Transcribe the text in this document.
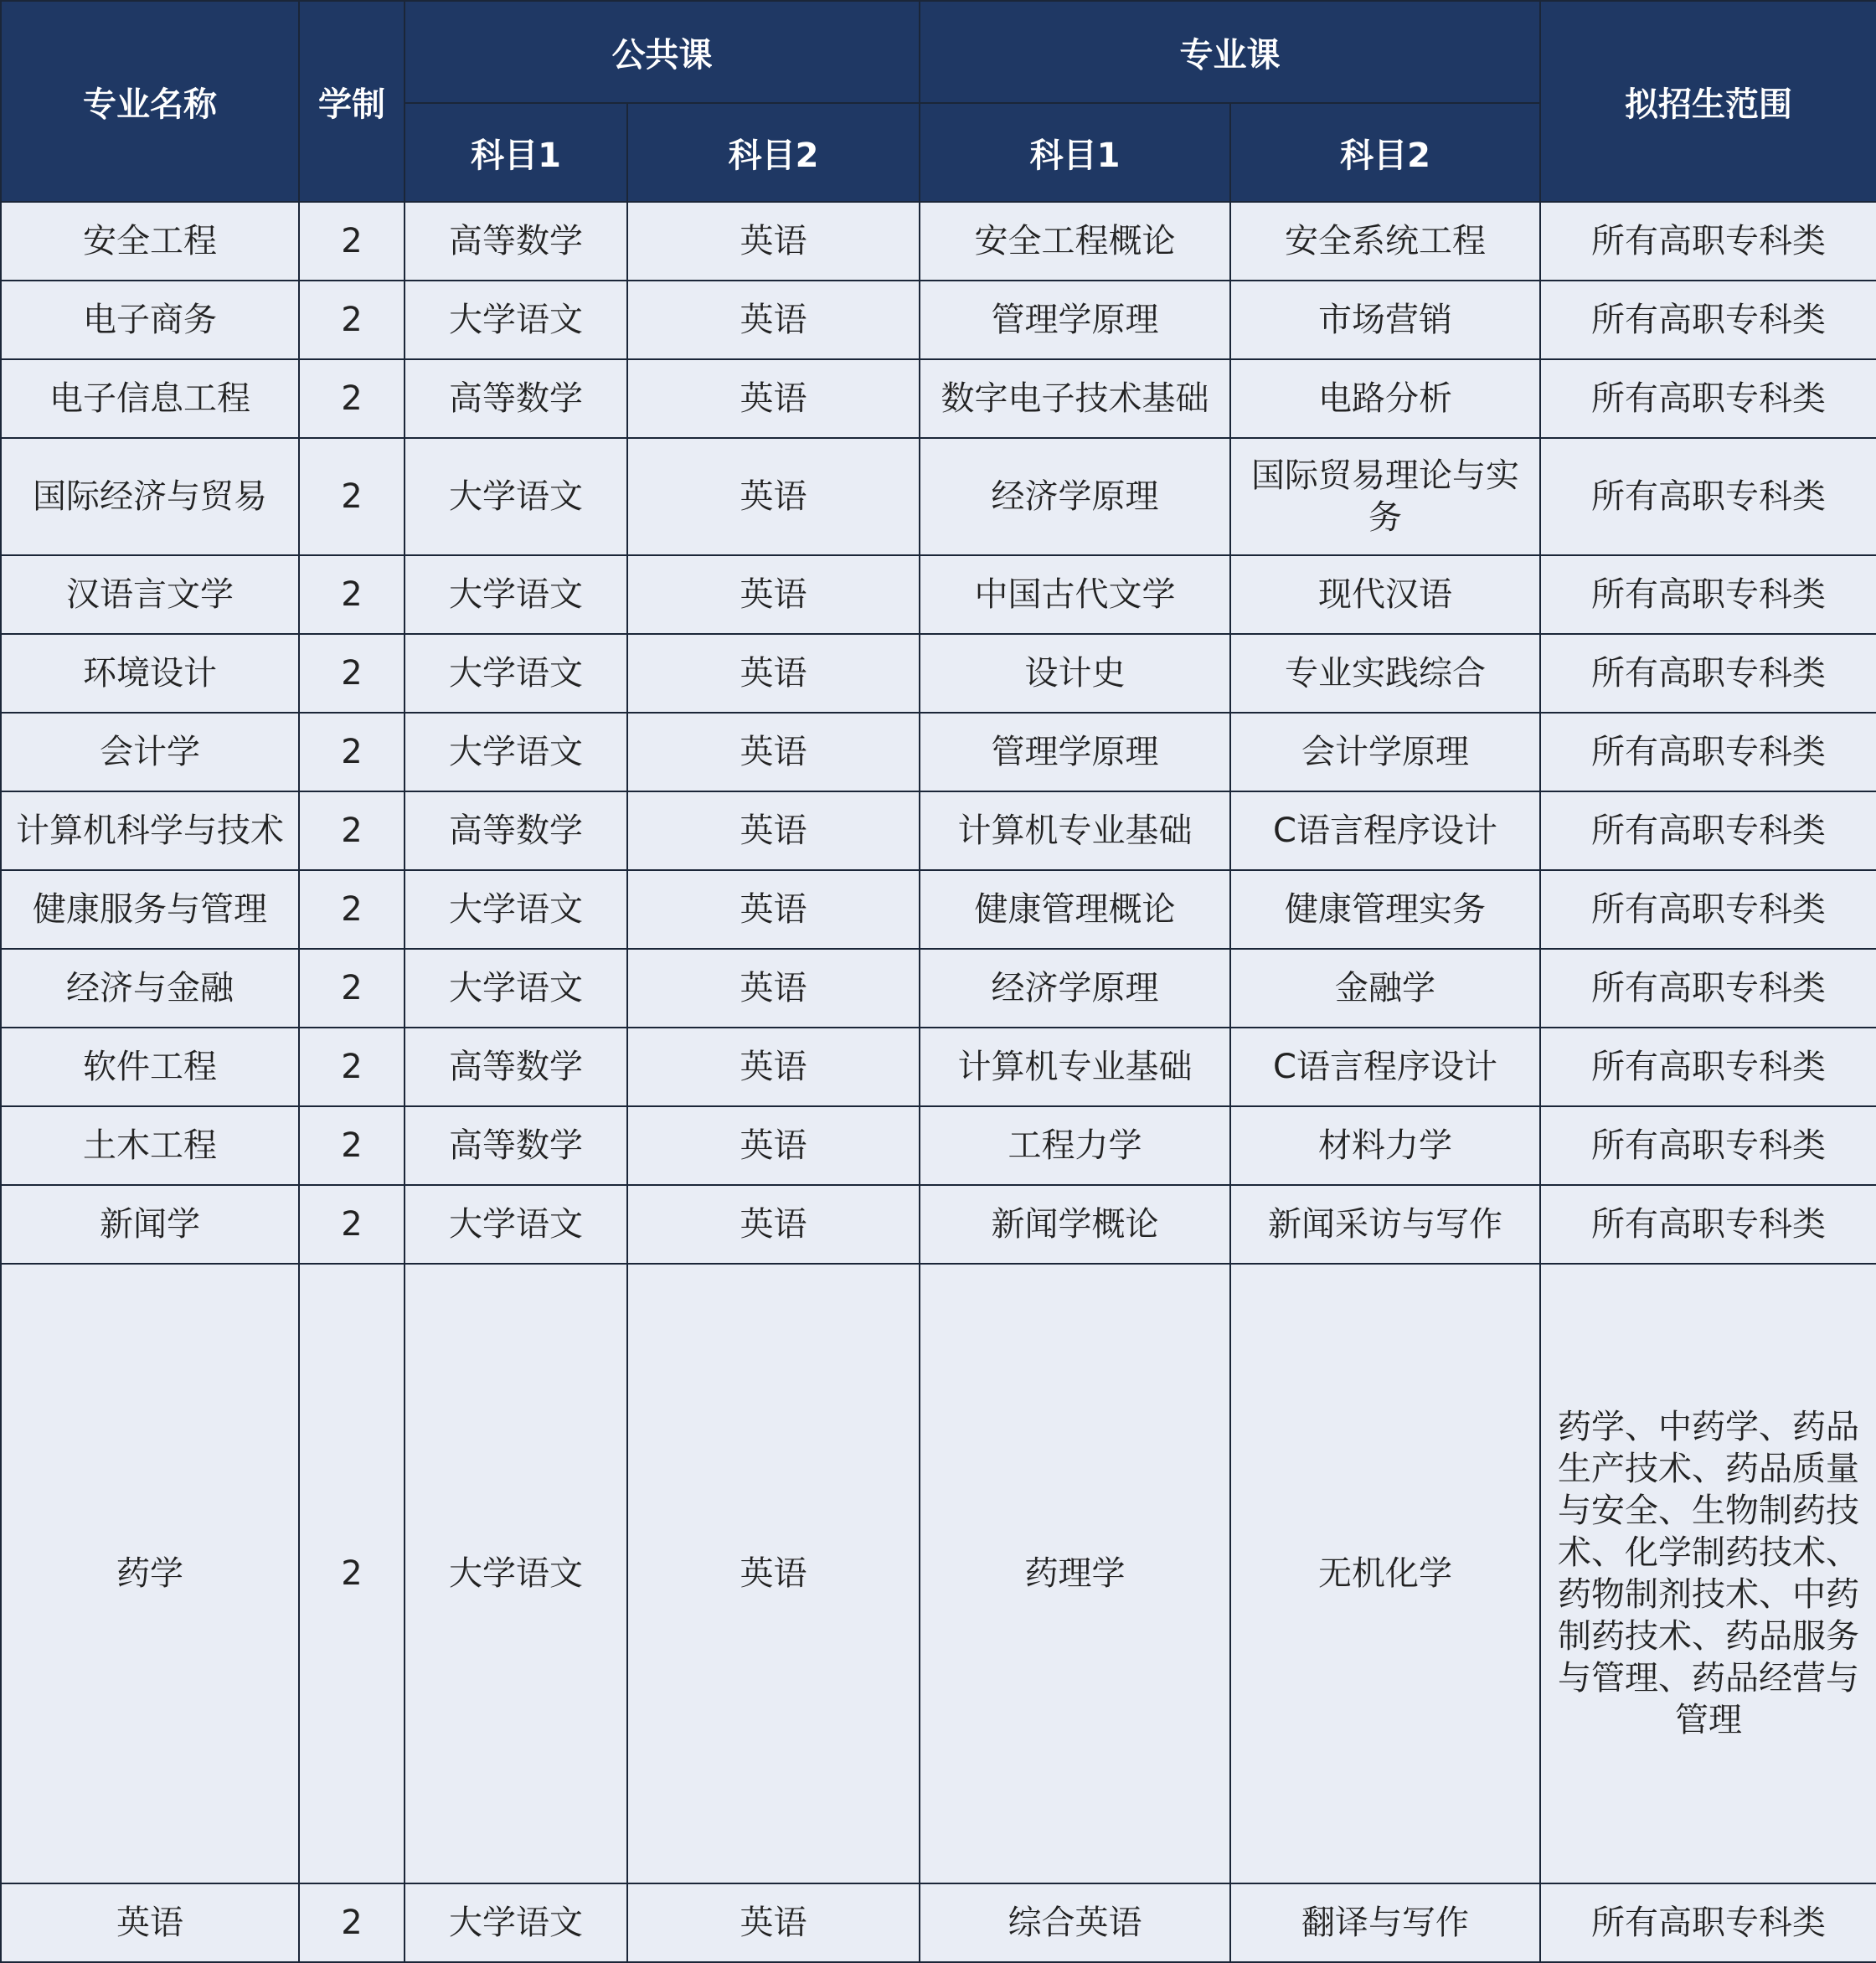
专业名称	学制	公共课		专业课		拟招生范围
		科目1	科目2	科目1	科目2	
安全工程	2	高等数学	英语	安全工程概论	安全系统工程	所有高职专科类
电子商务	2	大学语文	英语	管理学原理	市场营销	所有高职专科类
电子信息工程	2	高等数学	英语	数字电子技术基础	电路分析	所有高职专科类
国际经济与贸易	2	大学语文	英语	经济学原理	国际贸易理论与实务	所有高职专科类
汉语言文学	2	大学语文	英语	中国古代文学	现代汉语	所有高职专科类
环境设计	2	大学语文	英语	设计史	专业实践综合	所有高职专科类
会计学	2	大学语文	英语	管理学原理	会计学原理	所有高职专科类
计算机科学与技术	2	高等数学	英语	计算机专业基础	C语言程序设计	所有高职专科类
健康服务与管理	2	大学语文	英语	健康管理概论	健康管理实务	所有高职专科类
经济与金融	2	大学语文	英语	经济学原理	金融学	所有高职专科类
软件工程	2	高等数学	英语	计算机专业基础	C语言程序设计	所有高职专科类
土木工程	2	高等数学	英语	工程力学	材料力学	所有高职专科类
新闻学	2	大学语文	英语	新闻学概论	新闻采访与写作	所有高职专科类
药学	2	大学语文	英语	药理学	无机化学	药学、中药学、药品生产技术、药品质量与安全、生物制药技术、化学制药技术、药物制剂技术、中药制药技术、药品服务与管理、药品经营与管理
英语	2	大学语文	英语	综合英语	翻译与写作	所有高职专科类
